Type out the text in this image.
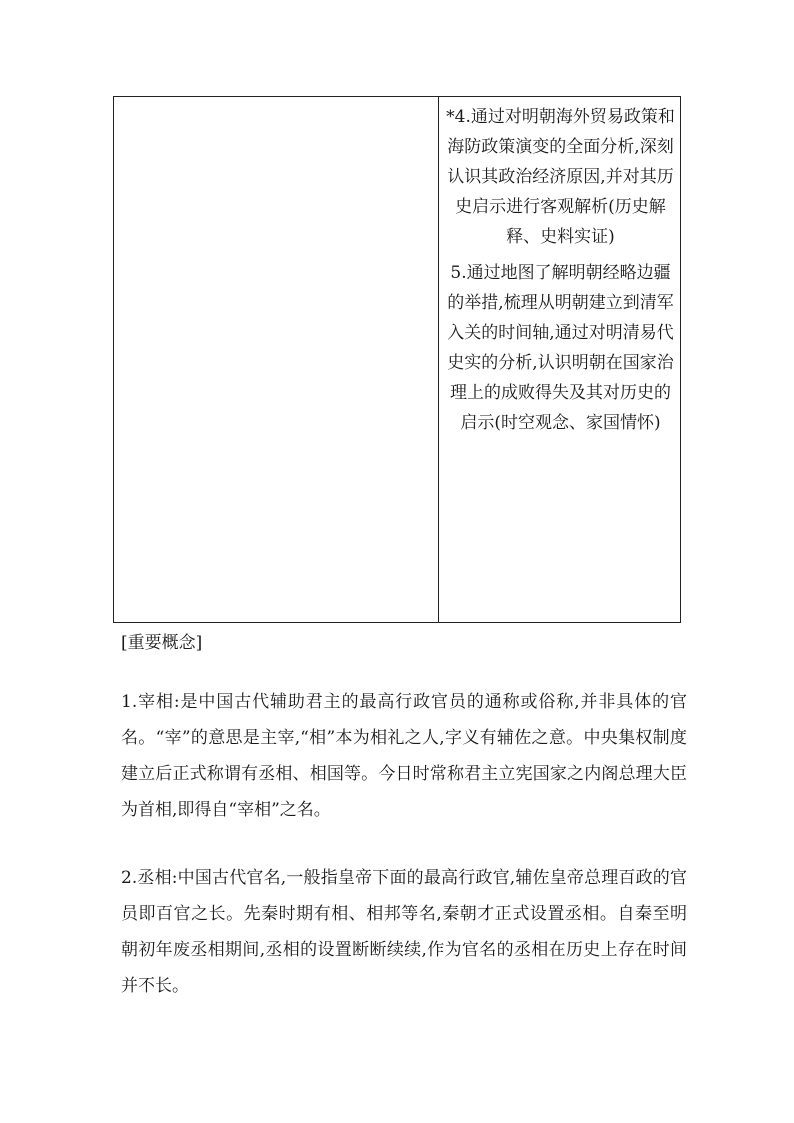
*4.通过对明朝海外贸易政策和海防政策演变的全面分析,深刻认识其政治经济原因,并对其历史启示进行客观解析(历史解释、史料实证)

5.通过地图了解明朝经略边疆的举措,梳理从明朝建立到清军入关的时间轴,通过对明清易代史实的分析,认识明朝在国家治理上的成败得失及其对历史的启示(时空观念、家国情怀)

[重要概念]

1.宰相:是中国古代辅助君主的最高行政官员的通称或俗称,并非具体的官名。“宰”的意思是主宰,“相”本为相礼之人,字义有辅佐之意。中央集权制度建立后正式称谓有丞相、相国等。今日时常称君主立宪国家之内阁总理大臣为首相,即得自“宰相”之名。

2.丞相:中国古代官名,一般指皇帝下面的最高行政官,辅佐皇帝总理百政的官员即百官之长。先秦时期有相、相邦等名,秦朝才正式设置丞相。自秦至明朝初年废丞相期间,丞相的设置断断续续,作为官名的丞相在历史上存在时间并不长。
